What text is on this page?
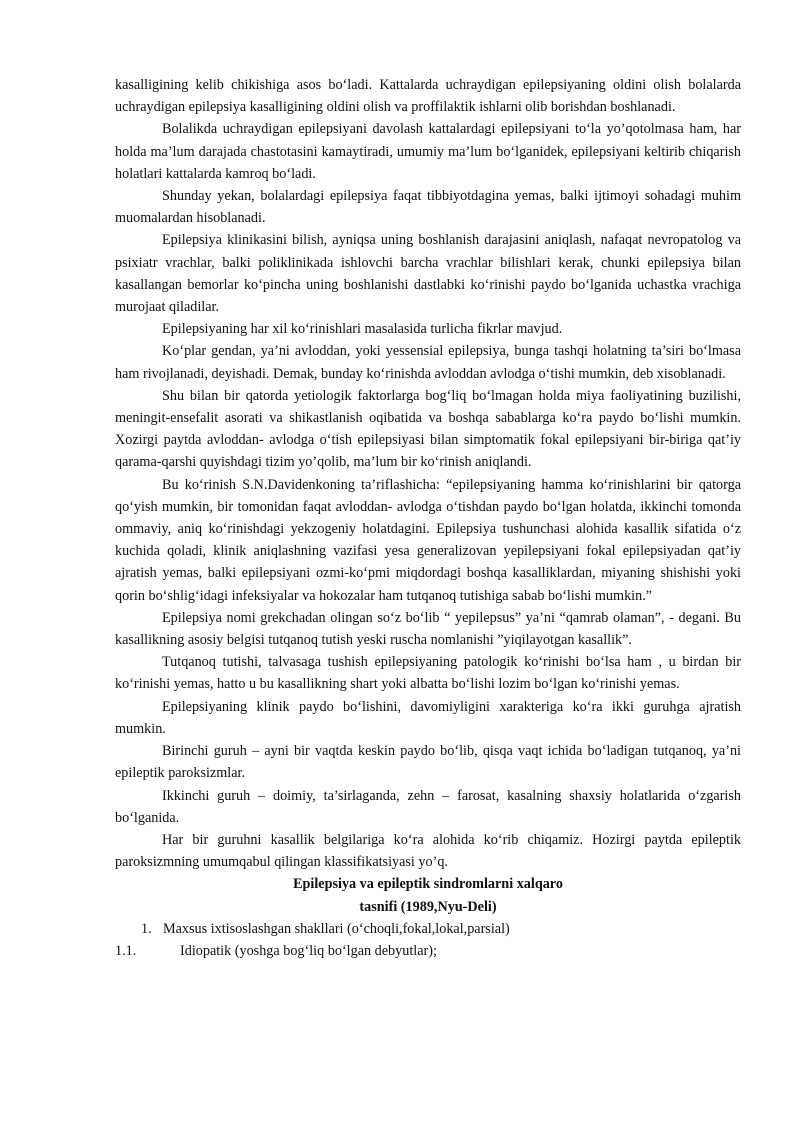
kasalligining kelib chikishiga asos bo‘ladi. Kattalarda uchraydigan epilepsiyaning oldini olish bolalarda uchraydigan epilepsiya kasalligining oldini olish va proffilaktik ishlarni olib borishdan boshlanadi.

Bolalikda uchraydigan epilepsiyani davolash kattalardagi epilepsiyani to‘la yo’qotolmasa ham, har holda ma’lum darajada chastotasini kamaytiradi, umumiy ma’lum bo‘lganidek, epilepsiyani keltirib chiqarish holatlari kattalarda kamroq bo‘ladi.

Shunday yekan, bolalardagi epilepsiya faqat tibbiyotdagina yemas, balki ijtimoyi sohadagi muhim muomalardan hisoblanadi.

Epilepsiya klinikasini bilish, ayniqsa uning boshlanish darajasini aniqlash, nafaqat nevropatolog va psixiatr vrachlar, balki poliklinikada ishlovchi barcha vrachlar bilishlari kerak, chunki epilepsiya bilan kasallangan bemorlar ko‘pincha uning boshlanishi dastlabki ko‘rinishi paydo bo‘lganida uchastka vrachiga murojaat qiladilar.

Epilepsiyaning har xil ko‘rinishlari masalasida turlicha fikrlar mavjud.

Ko‘plar gendan, ya’ni avloddan, yoki yessensial epilepsiya, bunga tashqi holatning ta’siri bo‘lmasa ham rivojlanadi, deyishadi. Demak, bunday ko‘rinishda avloddan avlodga o‘tishi mumkin, deb xisoblanadi.

Shu bilan bir qatorda yetiologik faktorlarga bog‘liq bo‘lmagan holda miya faoliyatining buzilishi, meningit-ensefalit asorati va shikastlanish oqibatida va boshqa sabablarga ko‘ra paydo bo‘lishi mumkin. Xozirgi paytda avloddan- avlodga o‘tish epilepsiyasi bilan simptomatik fokal epilepsiyani bir-biriga qat’iy qarama-qarshi quyishdagi tizim yo’qolib, ma’lum bir ko‘rinish aniqlandi.

Bu ko‘rinish S.N.Davidenkoning ta’riflashicha: “epilepsiyaning hamma ko‘rinishlarini bir qatorga qo‘yish mumkin, bir tomonidan faqat avloddan- avlodga o‘tishdan paydo bo‘lgan holatda, ikkinchi tomonda ommaviy, aniq ko‘rinishdagi yekzogeniy holatdagini. Epilepsiya tushunchasi alohida kasallik sifatida o‘z kuchida qoladi, klinik aniqlashning vazifasi yesa generalizovan yepilepsiyani fokal epilepsiyadan qat’iy ajratish yemas, balki epilepsiyani ozmi-ko‘pmi miqdordagi boshqa kasalliklardan, miyaning shishishi yoki qorin bo‘shlig‘idagi infeksiyalar va hokozalar ham tutqanoq tutishiga sabab bo‘lishi mumkin.”

Epilepsiya nomi grekchadan olingan so‘z bo‘lib “ yepilepsus” ya’ni “qamrab olaman”, - degani. Bu kasallikning asosiy belgisi tutqanoq tutish yeski ruscha nomlanishi ”yiqilayotgan kasallik”.

Tutqanoq tutishi, talvasaga tushish epilepsiyaning patologik ko‘rinishi bo‘lsa ham , u birdan bir ko‘rinishi yemas, hatto u bu kasallikning shart yoki albatta bo‘lishi lozim bo‘lgan ko‘rinishi yemas.

Epilepsiyaning klinik paydo bo‘lishini, davomiyligini xarakteriga ko‘ra ikki guruhga ajratish mumkin.

Birinchi guruh – ayni bir vaqtda keskin paydo bo‘lib, qisqa vaqt ichida bo‘ladigan tutqanoq, ya’ni epileptik paroksizmlar.

Ikkinchi guruh – doimiy, ta’sirlaganda, zehn – farosat, kasalning shaxsiy holatlarida o‘zgarish bo‘lganida.

Har bir guruhni kasallik belgilariga ko‘ra alohida ko‘rib chiqamiz. Hozirgi paytda epileptik paroksizmning umumqabul qilingan klassifikatsiyasi yo’q.

Epilepsiya va epileptik sindromlarni xalqaro
tasnifi (1989,Nyu-Deli)
1. Maxsus ixtisoslashgan shakllari (o‘choqli,fokal,lokal,parsial)
1.1.	Idiopatik (yoshga bog‘liq bo‘lgan debyutlar);
